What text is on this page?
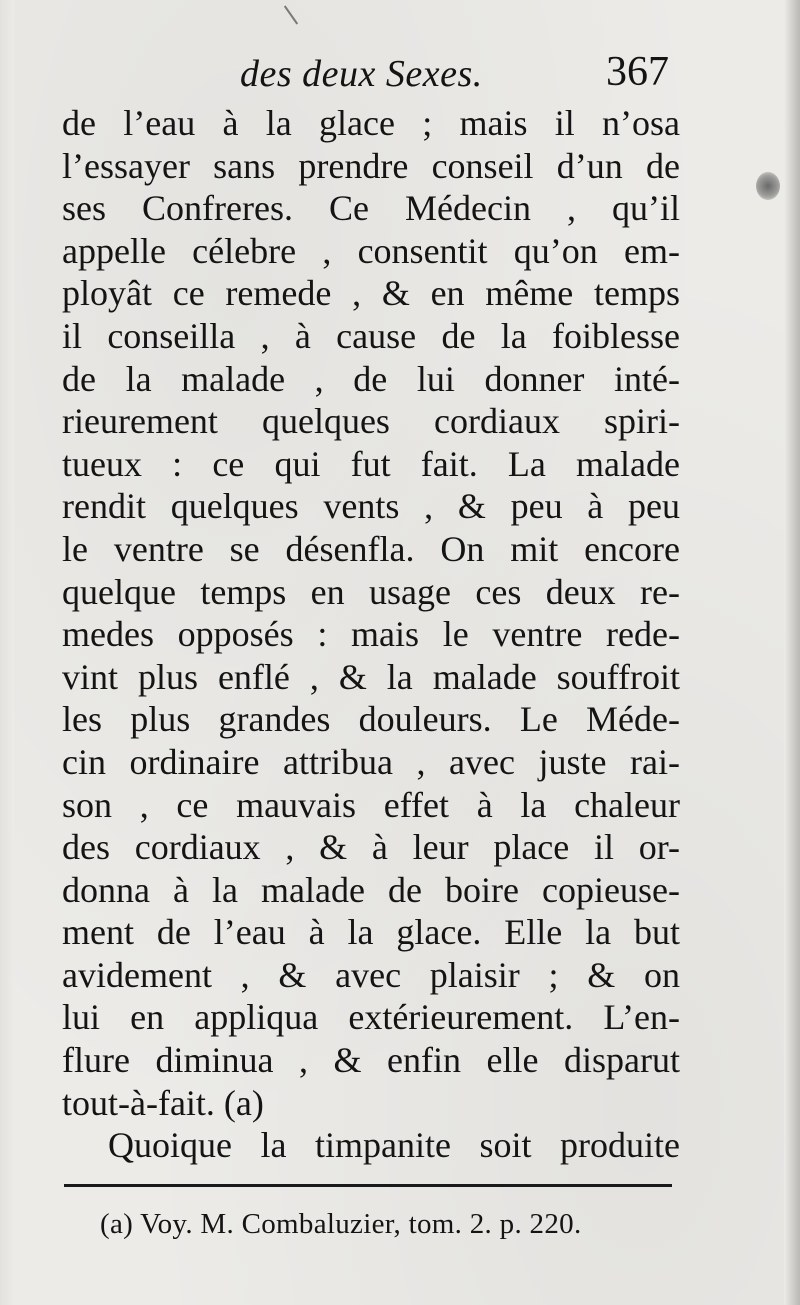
des deux Sexes.	367
de l’eau à la glace ; mais il n’osa
l’essayer sans prendre conseil d’un de
ses Confreres. Ce Médecin , qu’il
appelle célebre , consentit qu’on em-
ployât ce remede , & en même temps
il conseilla , à cause de la foiblesse
de la malade , de lui donner inté-
rieurement quelques cordiaux spiri-
tueux : ce qui fut fait. La malade
rendit quelques vents , & peu à peu
le ventre se désenfla. On mit encore
quelque temps en usage ces deux re-
medes opposés : mais le ventre rede-
vint plus enflé , & la malade souffroit
les plus grandes douleurs. Le Méde-
cin ordinaire attribua , avec juste rai-
son , ce mauvais effet à la chaleur
des cordiaux , & à leur place il or-
donna à la malade de boire copieuse-
ment de l’eau à la glace. Elle la but
avidement , & avec plaisir ; & on
lui en appliqua extérieurement. L’en-
flure diminua , & enfin elle disparut
tout-à-fait. (a)
Quoique la timpanite soit produite
(a) Voy. M. Combaluzier, tom. 2. p. 220.
